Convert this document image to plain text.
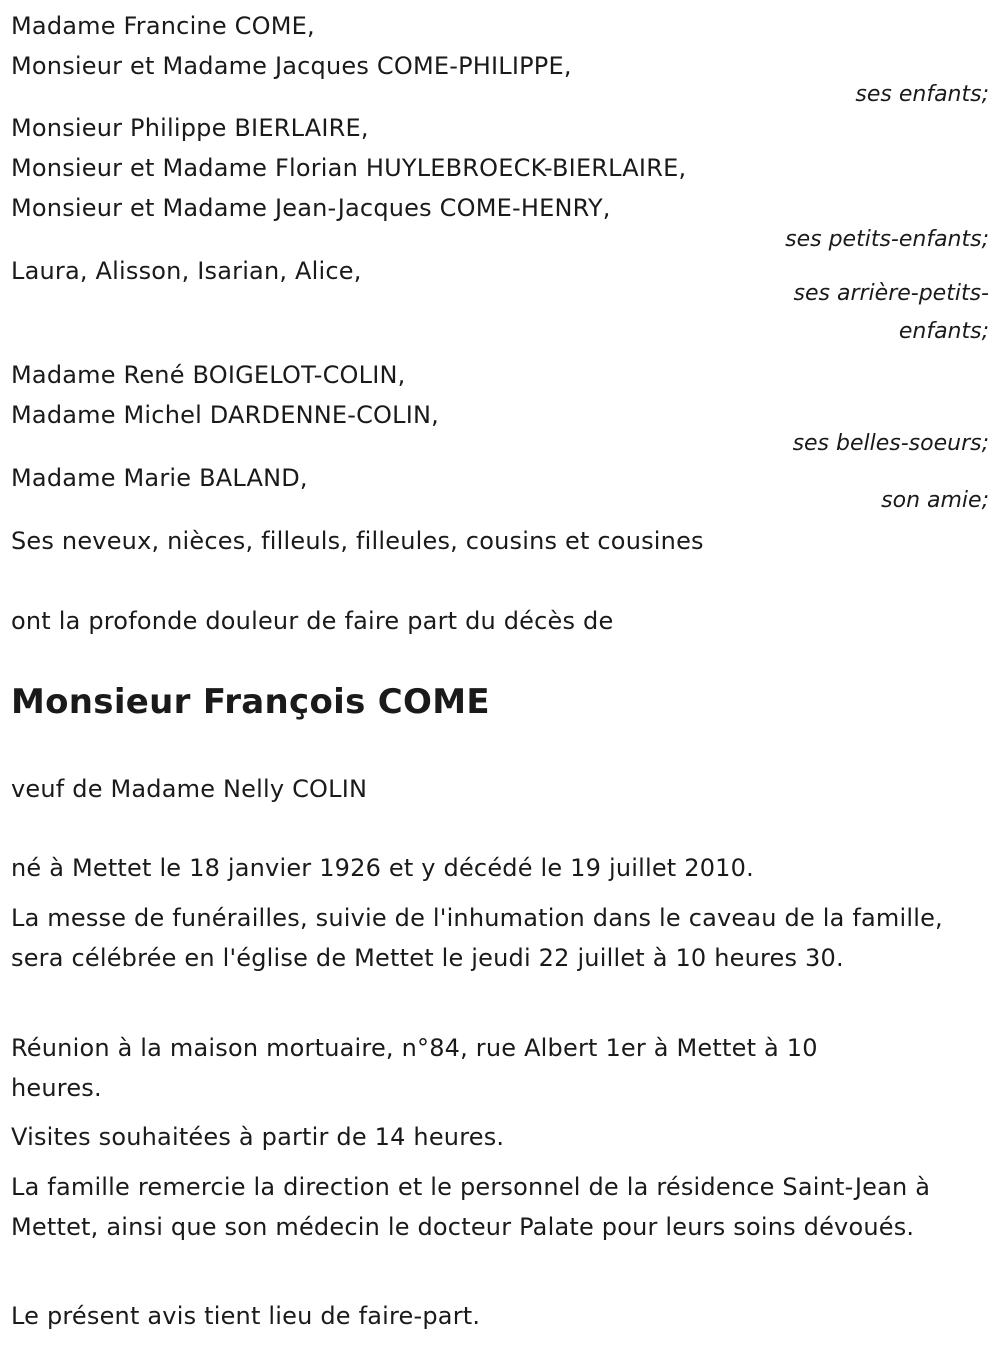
Madame Francine COME,
Monsieur et Madame Jacques COME-PHILIPPE,
ses enfants;
Monsieur Philippe BIERLAIRE,
Monsieur et Madame Florian HUYLEBROECK-BIERLAIRE,
Monsieur et Madame Jean-Jacques COME-HENRY,
ses petits-enfants;
Laura, Alisson, Isarian, Alice,
ses arrière-petits-
enfants;
Madame René BOIGELOT-COLIN,
Madame Michel DARDENNE-COLIN,
ses belles-soeurs;
Madame Marie BALAND,
son amie;
Ses neveux, nièces, filleuls, filleules, cousins et cousines
ont la profonde douleur de faire part du décès de
Monsieur François COME
veuf de Madame Nelly COLIN
né à Mettet le 18 janvier 1926 et y décédé le 19 juillet 2010.
La messe de funérailles, suivie de l'inhumation dans le caveau de la famille, sera célébrée en l'église de Mettet le jeudi 22 juillet à 10 heures 30.
Réunion à la maison mortuaire, n°84, rue Albert 1er à Mettet à 10 heures.
Visites souhaitées à partir de 14 heures.
La famille remercie la direction et le personnel de la résidence Saint-Jean à Mettet, ainsi que son médecin le docteur Palate pour leurs soins dévoués.
Le présent avis tient lieu de faire-part.
